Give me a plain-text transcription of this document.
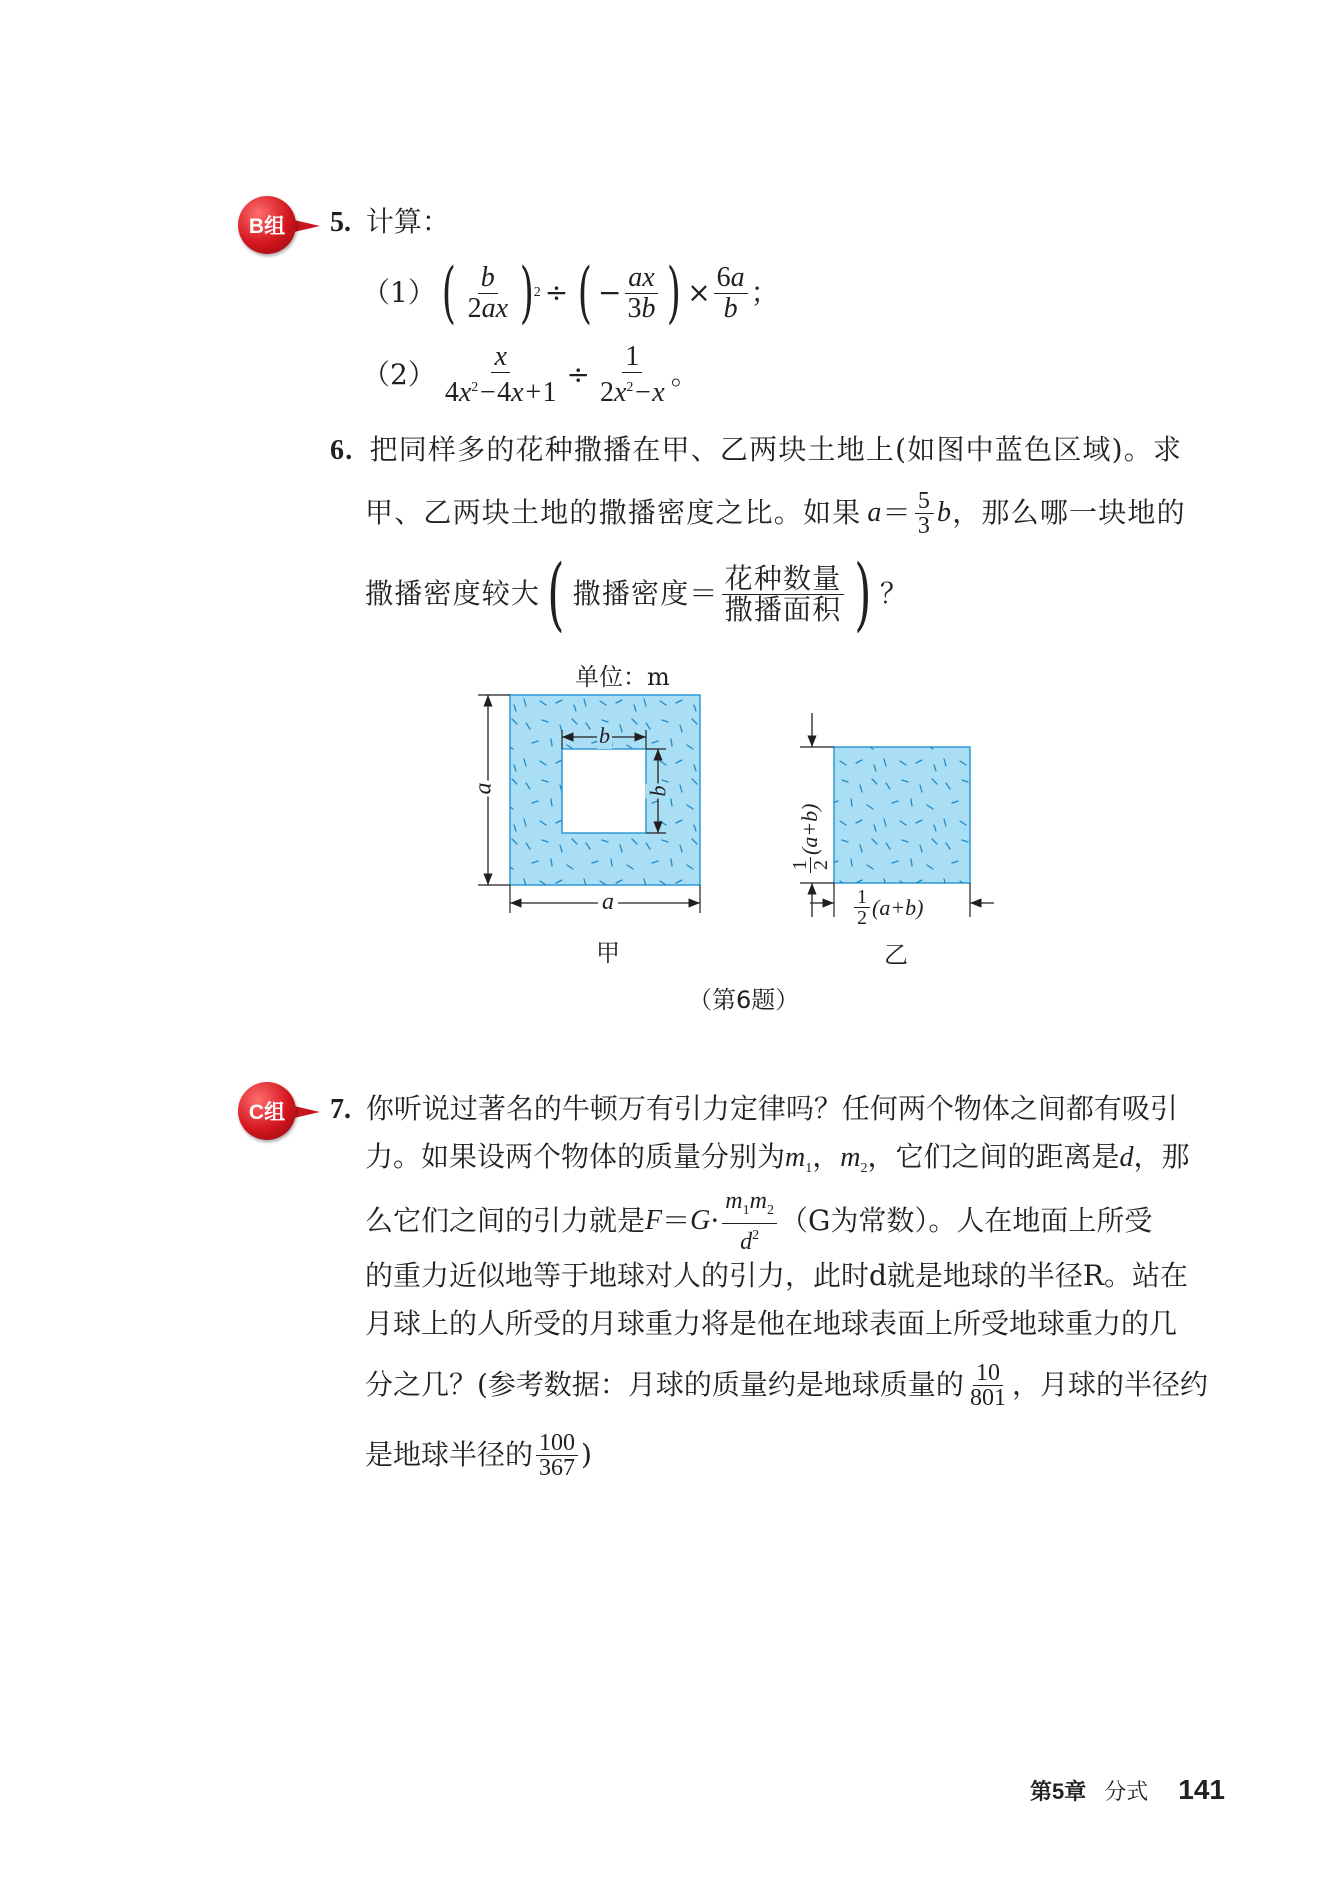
B组 5. 计算：
（1） ( $\frac{b}{2ax}$ ) 2 ÷ ( − $\frac{ax}{3b}$ ) × $\frac{6a}{b}$ ；
$(2) \frac{x}{4x^2-4x+1} \div \frac{1}{2x^2-x}$ 。
6. 把同样多的花种撒播在甲、乙两块土地上(如图中蓝色区域)。求
甲、乙两块土地的撒播密度之比。如果 $a = \frac{5}{3}$ b ，那么哪一块地的
撒播密度较大 ( 撒播密度＝ $\frac{\text{花种数量}}{\text{撒播面积}}$ ) ？
单位：m
a
b
b
a
甲	乙
1 2
(a+b)
$\frac{1}{2} (a+b)$
（第6题）
C组 7. 你听说过著名的牛顿万有引力定律吗？任何两个物体之间都有吸引
力。如果设两个物体的质量分别为$m_1$，$m_2$，它们之间的距离是d，那
么它们之间的引力就是 $F = G \cdot \frac{m_1m_2}{d^2} (G$为常数）。人在地面上所受
的重力近似地等于地球对人的引力，此时d就是地球的半径R。站在
月球上的人所受的月球重力将是他在地球表面上所受地球重力的几
分之几？(参考数据：月球的质量约是地球质量的 $\frac{10}{801}$ ，月球的半径约
是地球半径的 $\frac{100}{367}$ )
第5章 分式 141
